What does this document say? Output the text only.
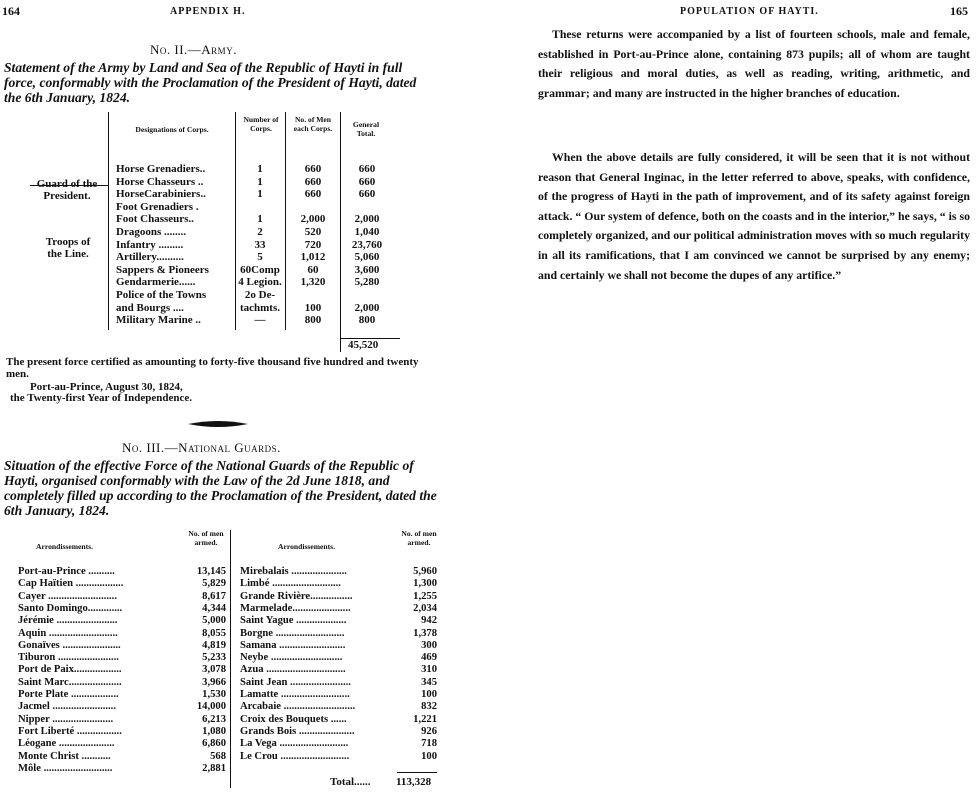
164	APPENDIX H.
No. II.—Army.
Statement of the Army by Land and Sea of the Republic of Hayti in full force, conformably with the Proclamation of the President of Hayti, dated the 6th January, 1824.
Designations of Corps.
Number of Corps.
No. of Men each Corps.	General Total.
Guard of the President.
Troops of the Line.
Horse Grenadiers..	1	660	660
Horse Chasseurs ..	1	660	660
HorseCarabiniers..	1	660	660
Foot Grenadiers .
Foot Chasseurs..	1	2,000	2,000
Dragoons ........	2	520	1,040
Infantry .........	33	720	23,760
Artillery..........	5	1,012	5,060
Sappers & Pioneers	60Comp	60	3,600
Gendarmerie......	4 Legion.	1,320	5,280
Police of the Towns	2o De-
and Bourgs ....	tachmts.	100	2,000
Military Marine ..	—	800	800
45,520
The present force certified as amounting to forty-five thousand five hundred and twenty men.
Port-au-Prince, August 30, 1824,
the Twenty-first Year of Independence.
No. III.—National Guards.
Situation of the effective Force of the National Guards of the Republic of Hayti, organised conformably with the Law of the 2d June 1818, and completely filled up according to the Proclamation of the President, dated the 6th January, 1824.
Arrondissements.
No. of men armed.	Arrondissements.
No. of men armed.
Port-au-Prince ..........	13,145
Cap Haïtien ..................	5,829
Cayer ..........................	8,617
Santo Domingo.............	4,344
Jérémie .......................	5,000
Aquin ..........................	8,055
Gonaïves ......................	4,819
Tiburon .......................	5,233
Port de Paix..................	3,078
Saint Marc....................	3,966
Porte Plate ..................	1,530
Jacmel ........................	14,000
Nipper .......................	6,213
Fort Liberté .................	1,080
Léogane .....................	6,860
Monte Christ ...........	568
Môle ..........................	2,881
Mirebalais .....................	5,960
Limbé ..........................	1,300
Grande Rivière................	1,255
Marmelade......................	2,034
Saint Yague ...................	942
Borgne ..........................	1,378
Samana .........................	300
Neybe ...........................	469
Azua ..............................	310
Saint Jean .......................	345
Lamatte ..........................	100
Arcabaie ...........................	832
Croix des Bouquets ......	1,221
Grands Bois .....................	926
La Vega ..........................	718
Le Crou ..........................	100
Total...... 113,328
POPULATION OF HAYTI.	165
These returns were accompanied by a list of fourteen schools, male and female, established in Port-au-Prince alone, containing 873 pupils; all of whom are taught their religious and moral duties, as well as reading, writing, arithmetic, and grammar; and many are instructed in the higher branches of education.
When the above details are fully considered, it will be seen that it is not without reason that General Inginac, in the letter referred to above, speaks, with confidence, of the progress of Hayti in the path of improvement, and of its safety against foreign attack. “ Our system of defence, both on the coasts and in the interior,” he says, “ is so completely organized, and our political administration moves with so much regularity in all its ramifications, that I am convinced we cannot be surprised by any enemy; and certainly we shall not become the dupes of any artifice.”
